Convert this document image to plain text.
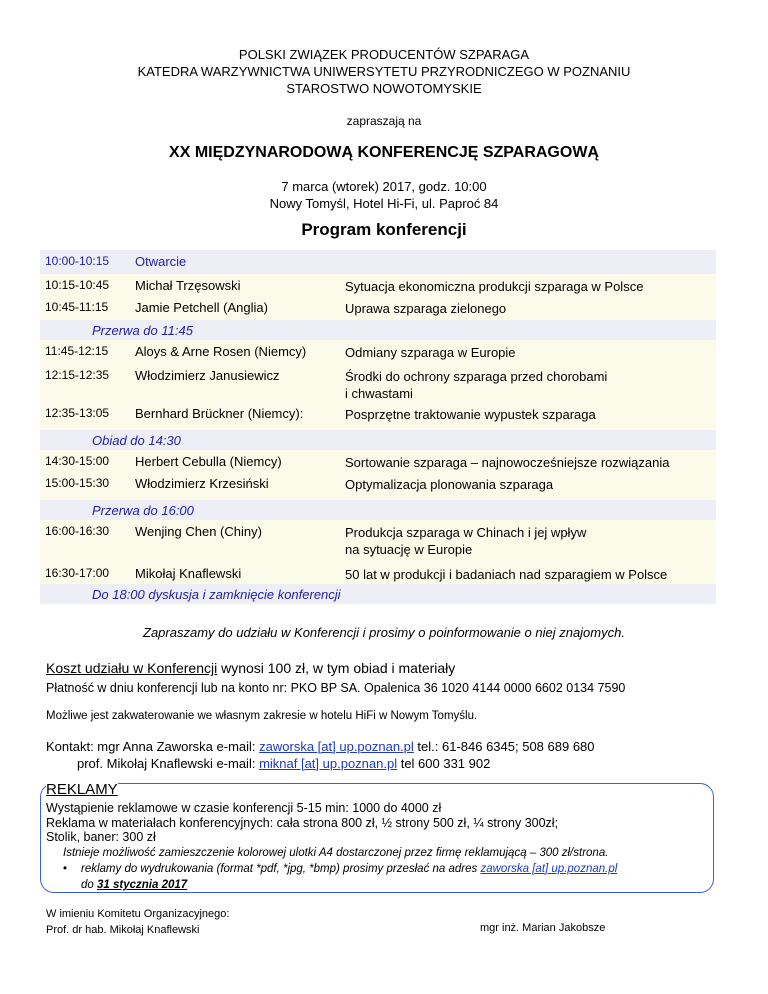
POLSKI ZWIĄZEK PRODUCENTÓW SZPARAGA
KATEDRA WARZYWNICTWA UNIWERSYTETU PRZYRODNICZEGO W POZNANIU
STAROSTWO NOWOTOMYSKIE
zapraszają na
XX MIĘDZYNARODOWĄ KONFERENCJĘ SZPARAGOWĄ
7 marca (wtorek) 2017, godz. 10:00
Nowy Tomyśl, Hotel Hi-Fi, ul. Paproć 84
Program konferencji
10:00-10:15	Otwarcie
10:15-10:45	Michał Trzęsowski	Sytuacja ekonomiczna produkcji szparaga w Polsce
10:45-11:15	Jamie Petchell (Anglia)	Uprawa szparaga zielonego
Przerwa do 11:45
11:45-12:15	Aloys & Arne Rosen (Niemcy)	Odmiany szparaga w Europie
12:15-12:35	Włodzimierz Janusiewicz	Środki do ochrony szparaga przed chorobami
i chwastami
12:35-13:05	Bernhard Brückner (Niemcy):	Posprzętne traktowanie wypustek szparaga
Obiad do 14:30
14:30-15:00	Herbert Cebulla (Niemcy)	Sortowanie szparaga – najnowocześniejsze rozwiązania
15:00-15:30	Włodzimierz Krzesiński	Optymalizacja plonowania szparaga
Przerwa do 16:00
16:00-16:30	Wenjing Chen (Chiny)	Produkcja szparaga w Chinach i jej wpływ
na sytuację w Europie
16:30-17:00	Mikołaj Knaflewski	50 lat w produkcji i badaniach nad szparagiem w Polsce
Do 18:00 dyskusja i zamknięcie konferencji
Zapraszamy do udziału w Konferencji i prosimy o poinformowanie o niej znajomych.
Koszt udziału w Konferencji wynosi 100 zł, w tym obiad i materiały
Płatność w dniu konferencji lub na konto nr: PKO BP SA. Opalenica 36 1020 4144 0000 6602 0134 7590
Możliwe jest zakwaterowanie we własnym zakresie w hotelu HiFi w Nowym Tomyślu.
Kontakt: mgr Anna Zaworska e-mail: zaworska [at] up.poznan.pl tel.: 61-846 6345; 508 689 680
prof. Mikołaj Knaflewski e-mail: miknaf [at] up.poznan.pl tel 600 331 902
REKLAMY
Wystąpienie reklamowe w czasie konferencji 5-15 min: 1000 do 4000 zł
Reklama w materiałach konferencyjnych: cała strona 800 zł, ½ strony 500 zł, ¼ strony 300zł;
Stolik, baner: 300 zł
Istnieje możliwość zamieszczenie kolorowej ulotki A4 dostarczonej przez firmę reklamującą – 300 zł/strona.
• reklamy do wydrukowania (format *pdf, *jpg, *bmp) prosimy przesłać na adres zaworska [at] up.poznan.pl
do 31 stycznia 2017
W imieniu Komitetu Organizacyjnego:
Prof. dr hab. Mikołaj Knaflewski	mgr inż. Marian Jakobsze
